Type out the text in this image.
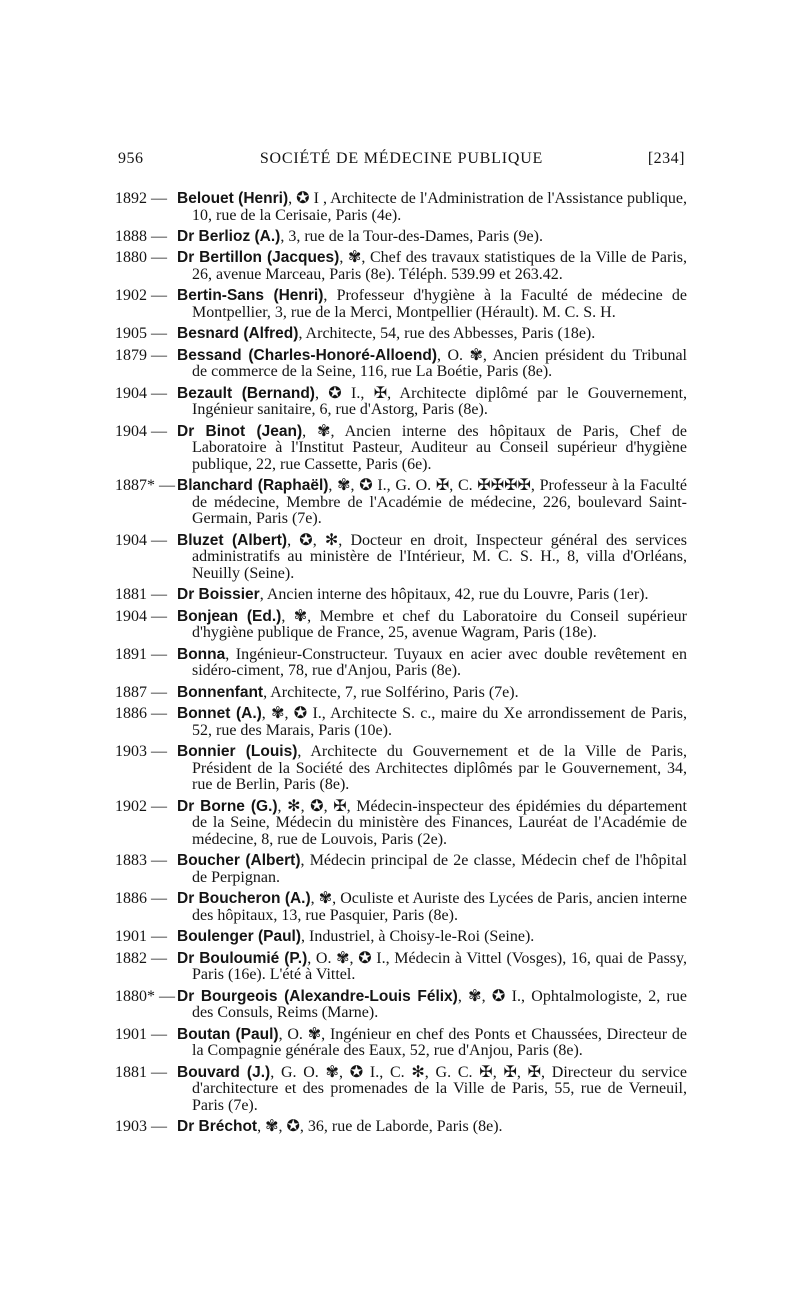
956	SOCIÉTÉ DE MÉDECINE PUBLIQUE	[234]
1892 — Belouet (Henri), ✪ I , Architecte de l'Administration de l'Assistance publique, 10, rue de la Cerisaie, Paris (4e).
1888 — Dr Berlioz (A.), 3, rue de la Tour-des-Dames, Paris (9e).
1880 — Dr Bertillon (Jacques), ✾, Chef des travaux statistiques de la Ville de Paris, 26, avenue Marceau, Paris (8e). Téléph. 539.99 et 263.42.
1902 — Bertin-Sans (Henri), Professeur d'hygiène à la Faculté de médecine de Montpellier, 3, rue de la Merci, Montpellier (Hérault). M. C. S. H.
1905 — Besnard (Alfred), Architecte, 54, rue des Abbesses, Paris (18e).
1879 — Bessand (Charles-Honoré-Alloend), O. ✾, Ancien président du Tribunal de commerce de la Seine, 116, rue La Boétie, Paris (8e).
1904 — Bezault (Bernand), ✪ I., ✠, Architecte diplômé par le Gouvernement, Ingénieur sanitaire, 6, rue d'Astorg, Paris (8e).
1904 — Dr Binot (Jean), ✾, Ancien interne des hôpitaux de Paris, Chef de Laboratoire à l'Institut Pasteur, Auditeur au Conseil supérieur d'hygiène publique, 22, rue Cassette, Paris (6e).
1887* — Blanchard (Raphaël), ✾, ✪ I., G. O. ✠, C. ✠✠✠✠, Professeur à la Faculté de médecine, Membre de l'Académie de médecine, 226, boulevard Saint-Germain, Paris (7e).
1904 — Bluzet (Albert), ✪, ✻, Docteur en droit, Inspecteur général des services administratifs au ministère de l'Intérieur, M. C. S. H., 8, villa d'Orléans, Neuilly (Seine).
1881 — Dr Boissier, Ancien interne des hôpitaux, 42, rue du Louvre, Paris (1er).
1904 — Bonjean (Ed.), ✾, Membre et chef du Laboratoire du Conseil supérieur d'hygiène publique de France, 25, avenue Wagram, Paris (18e).
1891 — Bonna, Ingénieur-Constructeur. Tuyaux en acier avec double revêtement en sidéro-ciment, 78, rue d'Anjou, Paris (8e).
1887 — Bonnenfant, Architecte, 7, rue Solférino, Paris (7e).
1886 — Bonnet (A.), ✾, ✪ I., Architecte S. c., maire du Xe arrondissement de Paris, 52, rue des Marais, Paris (10e).
1903 — Bonnier (Louis), Architecte du Gouvernement et de la Ville de Paris, Président de la Société des Architectes diplômés par le Gouvernement, 34, rue de Berlin, Paris (8e).
1902 — Dr Borne (G.), ✻, ✪, ✠, Médecin-inspecteur des épidémies du département de la Seine, Médecin du ministère des Finances, Lauréat de l'Académie de médecine, 8, rue de Louvois, Paris (2e).
1883 — Boucher (Albert), Médecin principal de 2e classe, Médecin chef de l'hôpital de Perpignan.
1886 — Dr Boucheron (A.), ✾, Oculiste et Auriste des Lycées de Paris, ancien interne des hôpitaux, 13, rue Pasquier, Paris (8e).
1901 — Boulenger (Paul), Industriel, à Choisy-le-Roi (Seine).
1882 — Dr Bouloumié (P.), O. ✾, ✪ I., Médecin à Vittel (Vosges), 16, quai de Passy, Paris (16e). L'été à Vittel.
1880* — Dr Bourgeois (Alexandre-Louis Félix), ✾, ✪ I., Ophtalmologiste, 2, rue des Consuls, Reims (Marne).
1901 — Boutan (Paul), O. ✾, Ingénieur en chef des Ponts et Chaussées, Directeur de la Compagnie générale des Eaux, 52, rue d'Anjou, Paris (8e).
1881 — Bouvard (J.), G. O. ✾, ✪ I., C. ✻, G. C. ✠, ✠, ✠, Directeur du service d'architecture et des promenades de la Ville de Paris, 55, rue de Verneuil, Paris (7e).
1903 — Dr Bréchot, ✾, ✪, 36, rue de Laborde, Paris (8e).
